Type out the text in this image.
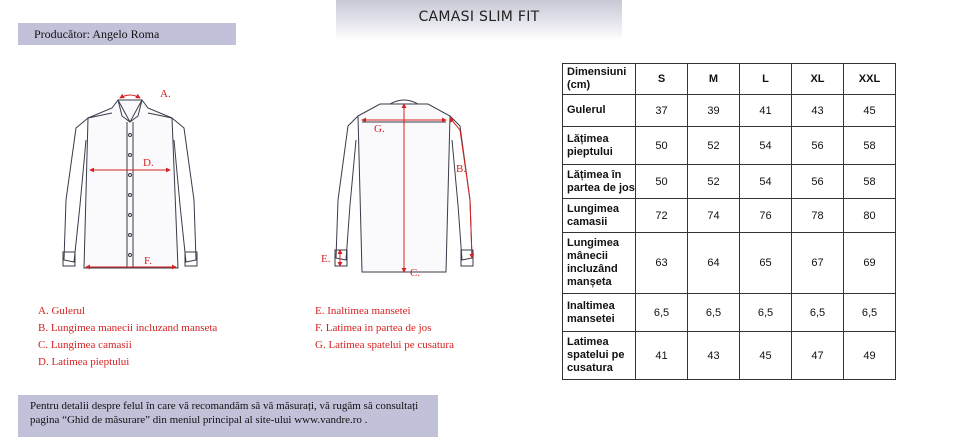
CAMASI SLIM FIT
Producător: Angelo Roma
A.
D.
F.
G.
B.
E.
C.
A. Gulerul
B. Lungimea manecii incluzand manseta
C. Lungimea camasii
D. Latimea pieptului
E. Inaltimea mansetei
F. Latimea in partea de jos
G. Latimea spatelui pe cusatura
Dimensiuni (cm)	S	M	L	XL	XXL
Gulerul	37	39	41	43	45
Lățimea pieptului	50	52	54	56	58
Lățimea în partea de jos	50	52	54	56	58
Lungimea camasii	72	74	76	78	80
Lungimea mânecii incluzând manșeta	63	64	65	67	69
Inaltimea mansetei	6,5	6,5	6,5	6,5	6,5
Latimea spatelui pe cusatura	41	43	45	47	49
Pentru detalii despre felul în care vă recomandăm să vă măsurați, vă rugăm să consultați
pagina “Ghid de măsurare” din meniul principal al site-ului www.vandre.ro .
